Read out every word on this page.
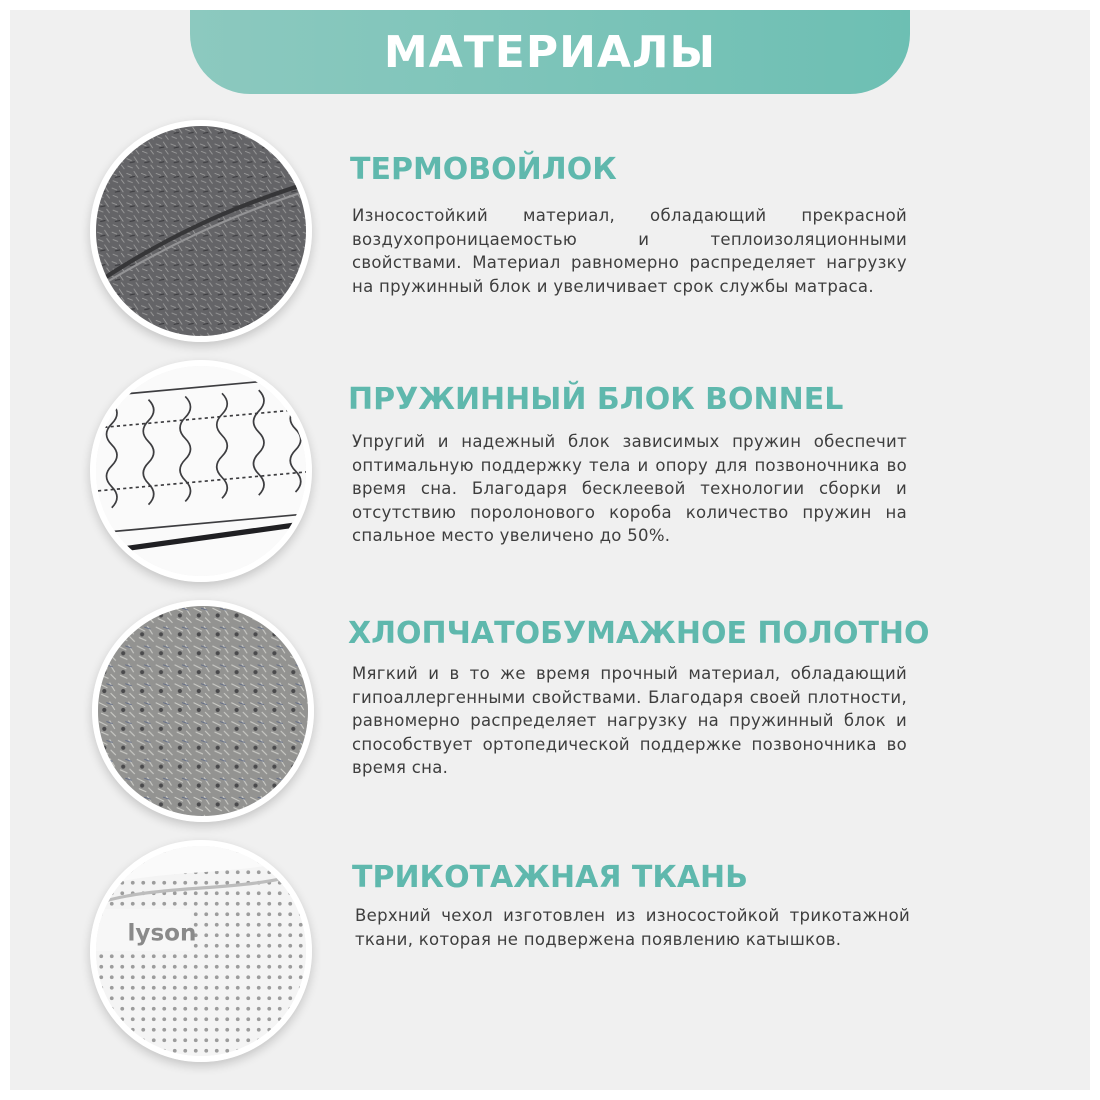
МАТЕРИАЛЫ
ТЕРМОВОЙЛОК
Износостойкий материал, обладающий прекрасной воздухопроницаемостью и теплоизоляционными свойствами. Материал равномерно распределяет нагрузку на пружинный блок и увеличивает срок службы матраса.
ПРУЖИННЫЙ БЛОК BONNEL
Упругий и надежный блок зависимых пружин обеспечит оптимальную поддержку тела и опору для позвоночника во время сна. Благодаря бесклеевой технологии сборки и отсутствию поролонового короба количество пружин на спальное место увеличено до 50%.
ХЛОПЧАТОБУМАЖНОЕ ПОЛОТНО
Мягкий и в то же время прочный материал, обладающий гипоаллергенными свойствами. Благодаря своей плотности, равномерно распределяет нагрузку на пружинный блок и способствует ортопедической поддержке позвоночника во время сна.
lyson
ТРИКОТАЖНАЯ ТКАНЬ
Верхний чехол изготовлен из износостойкой трикотажной ткани, которая не подвержена появлению катышков.
